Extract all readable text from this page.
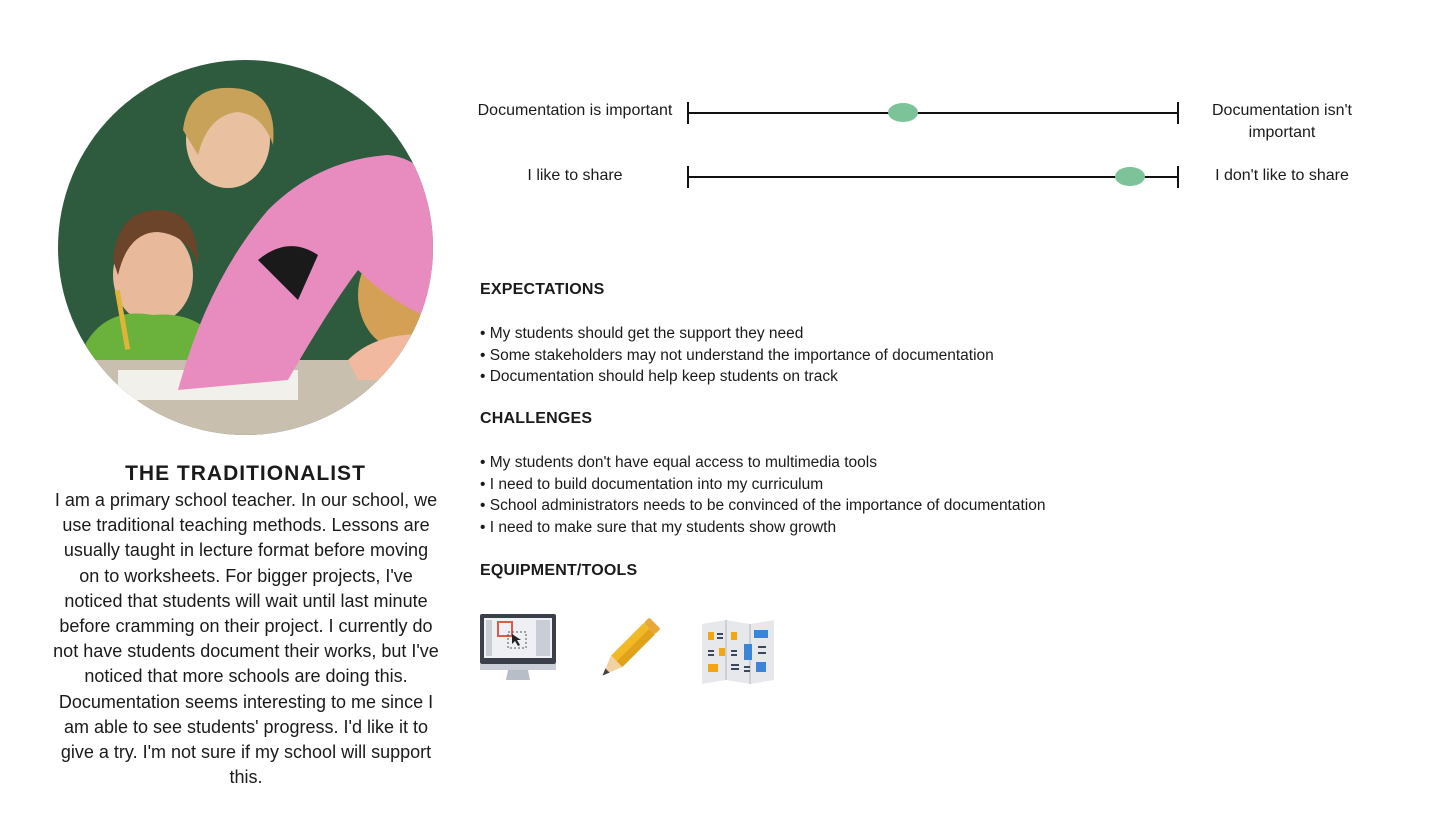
THE TRADITIONALIST
I am a primary school teacher. In our school, we use traditional teaching methods. Lessons are usually taught in lecture format before moving on to worksheets. For bigger projects, I've noticed that students will wait until last minute before cramming on their project. I currently do not have students document their works, but I've noticed that more schools are doing this. Documentation seems interesting to me since I am able to see students' progress. I'd like it to give a try. I'm not sure if my school will support this.
Documentation is important	Documentation isn't important
I like to share	I don't like to share
EXPECTATIONS
• My students should get the support they need
• Some stakeholders may not understand the importance of documentation
• Documentation should help keep students on track
CHALLENGES
• My students don't have equal access to multimedia tools
• I need to build documentation into my curriculum
• School administrators needs to be convinced of the importance of documentation
• I need to make sure that my students show growth
EQUIPMENT/TOOLS
